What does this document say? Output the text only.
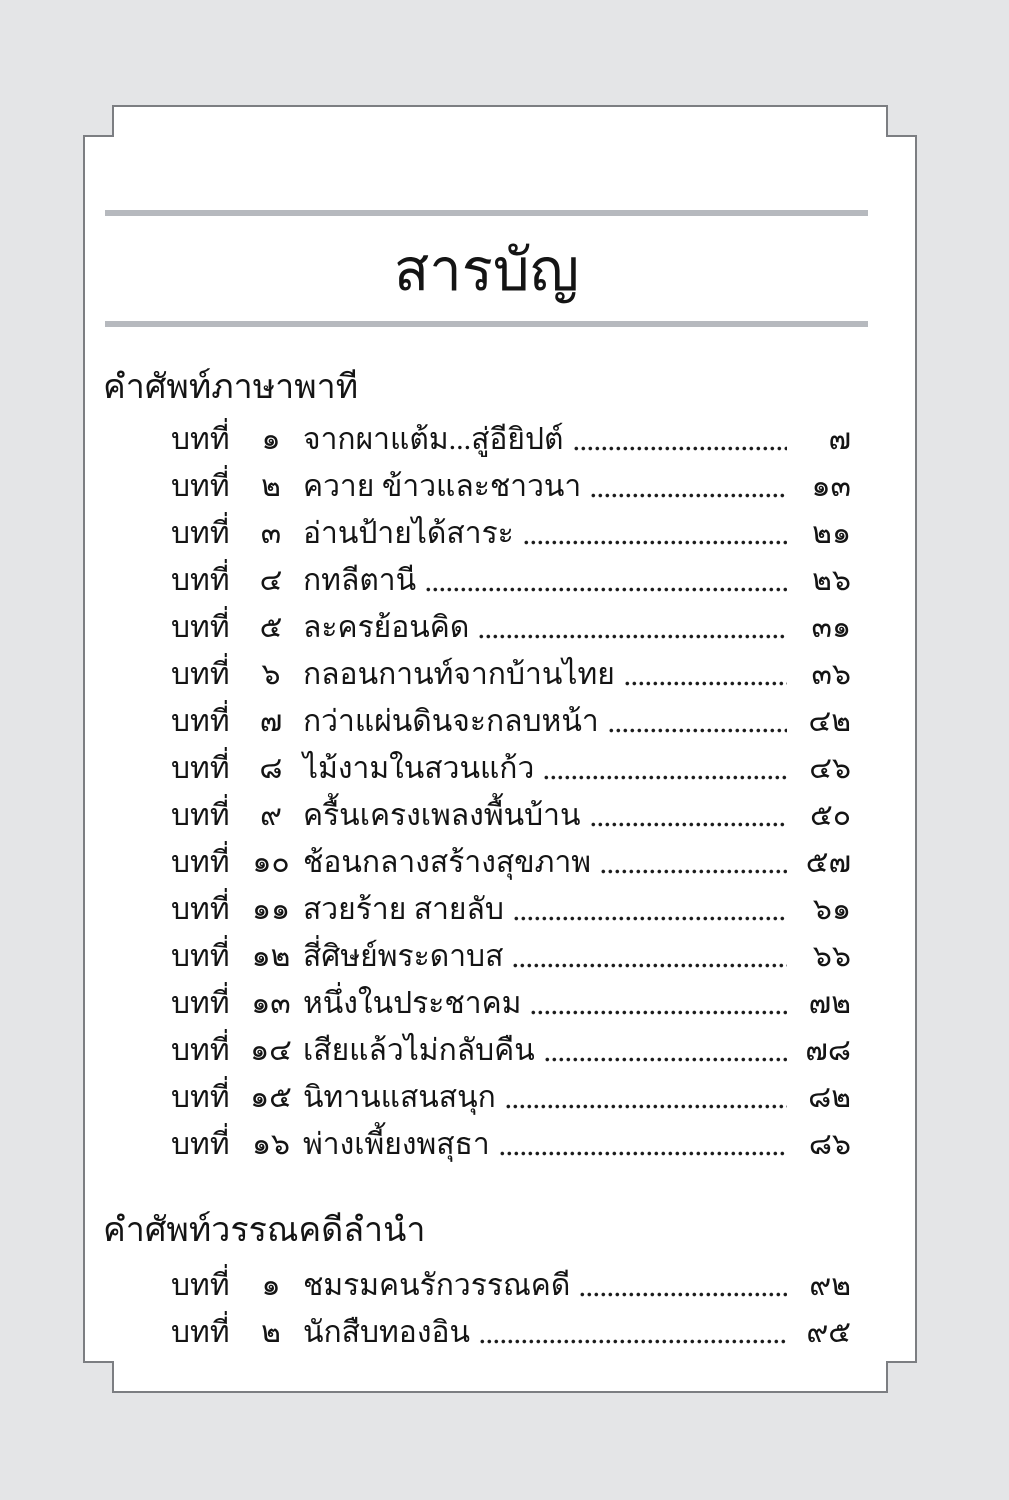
สารบัญ
คำศัพท์ภาษาพาที
บทที่	๑ จากผาแต้ม...สู่อียิปต์	๗
บทที่	๒ ควาย ข้าวและชาวนา	๑๓
บทที่	๓ อ่านป้ายได้สาระ	๒๑
บทที่	๔ กทลีตานี	๒๖
บทที่	๕ ละครย้อนคิด	๓๑
บทที่	๖ กลอนกานท์จากบ้านไทย	๓๖
บทที่	๗ กว่าแผ่นดินจะกลบหน้า	๔๒
บทที่ ๘ ไม้งามในสวนแก้ว	๔๖
บทที่	๙ ครื้นเครงเพลงพื้นบ้าน	๕๐
บทที่ ๑๐ ช้อนกลางสร้างสุขภาพ	๕๗
บทที่ ๑๑ สวยร้าย สายลับ	๖๑
บทที่ ๑๒ สี่ศิษย์พระดาบส	๖๖
บทที่ ๑๓ หนึ่งในประชาคม	๗๒
บทที่ ๑๔ เสียแล้วไม่กลับคืน	๗๘
บทที่ ๑๕ นิทานแสนสนุก	๘๒
บทที่ ๑๖ พ่างเพี้ยงพสุธา	๘๖
คำศัพท์วรรณคดีลำนำ
บทที่	๑ ชมรมคนรักวรรณคดี	๙๒
บทที่	๒ นักสืบทองอิน	๙๕
